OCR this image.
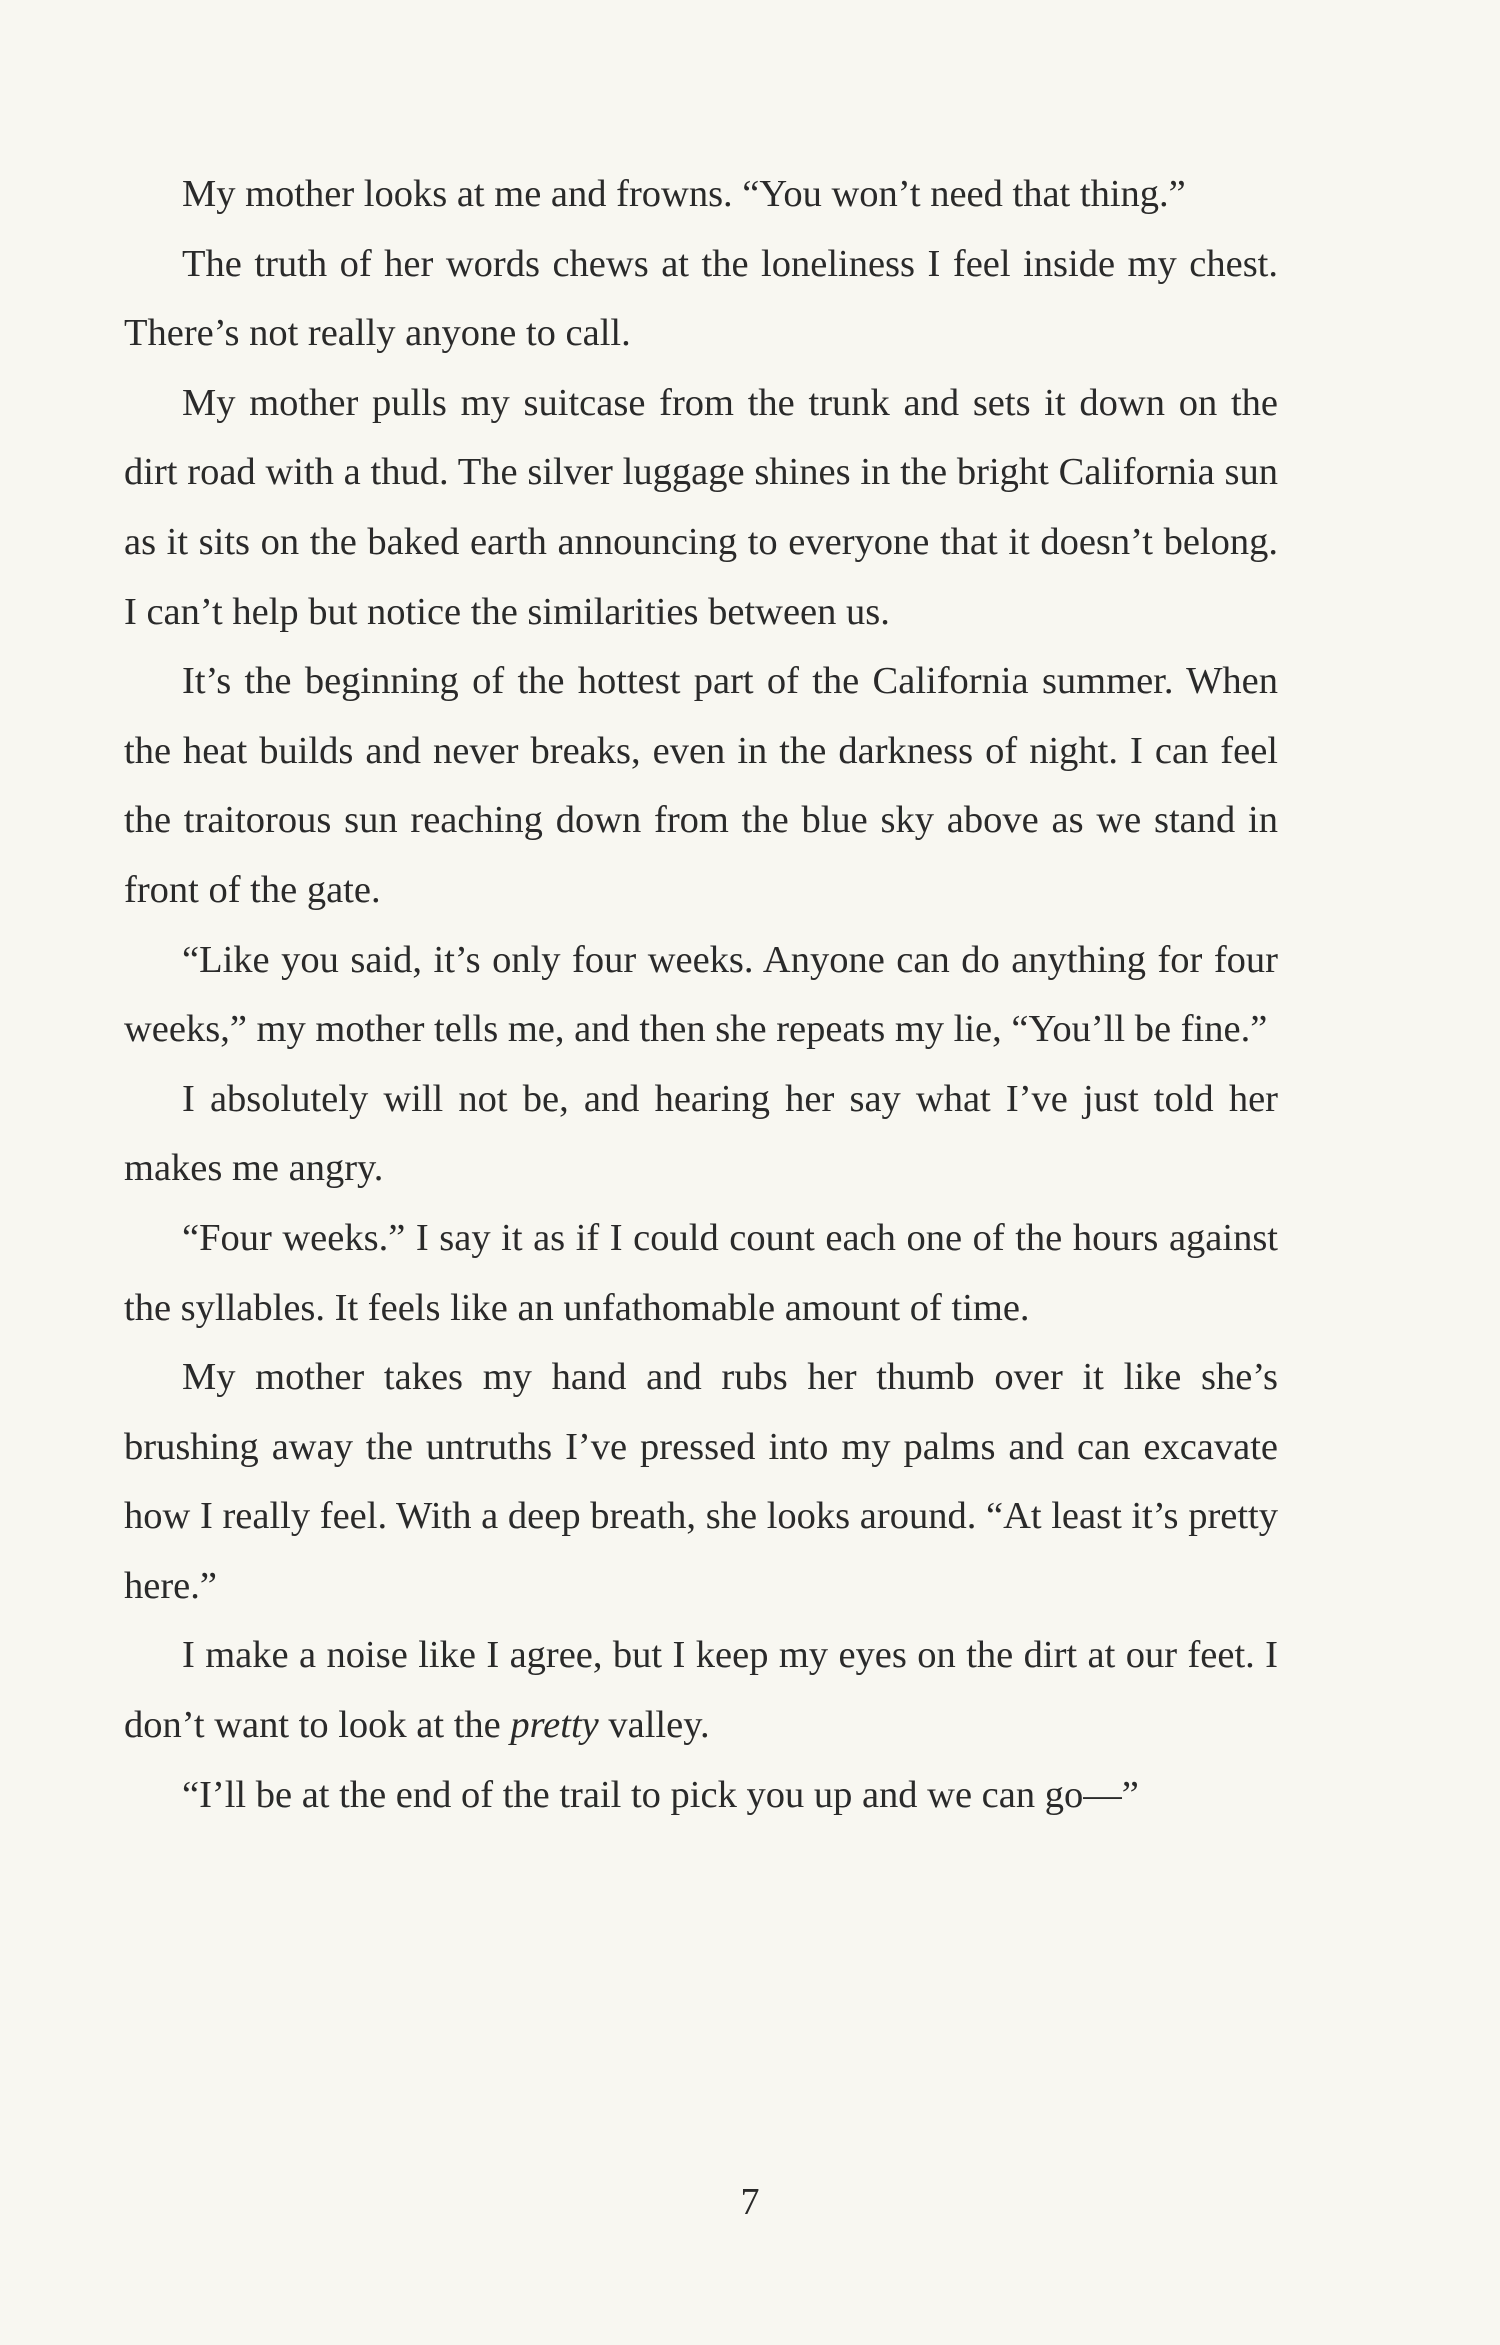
My mother looks at me and frowns. “You won’t need that thing.”

The truth of her words chews at the loneliness I feel inside my chest. There’s not really anyone to call.

My mother pulls my suitcase from the trunk and sets it down on the dirt road with a thud. The silver luggage shines in the bright California sun as it sits on the baked earth announcing to everyone that it doesn’t belong. I can’t help but notice the similarities between us.

It’s the beginning of the hottest part of the California summer. When the heat builds and never breaks, even in the darkness of night. I can feel the traitorous sun reaching down from the blue sky above as we stand in front of the gate.

“Like you said, it’s only four weeks. Anyone can do anything for four weeks,” my mother tells me, and then she repeats my lie, “You’ll be fine.”

I absolutely will not be, and hearing her say what I’ve just told her makes me angry.

“Four weeks.” I say it as if I could count each one of the hours against the syllables. It feels like an unfathomable amount of time.

My mother takes my hand and rubs her thumb over it like she’s brushing away the untruths I’ve pressed into my palms and can excavate how I really feel. With a deep breath, she looks around. “At least it’s pretty here.”

I make a noise like I agree, but I keep my eyes on the dirt at our feet. I don’t want to look at the pretty valley.

“I’ll be at the end of the trail to pick you up and we can go—”

7
